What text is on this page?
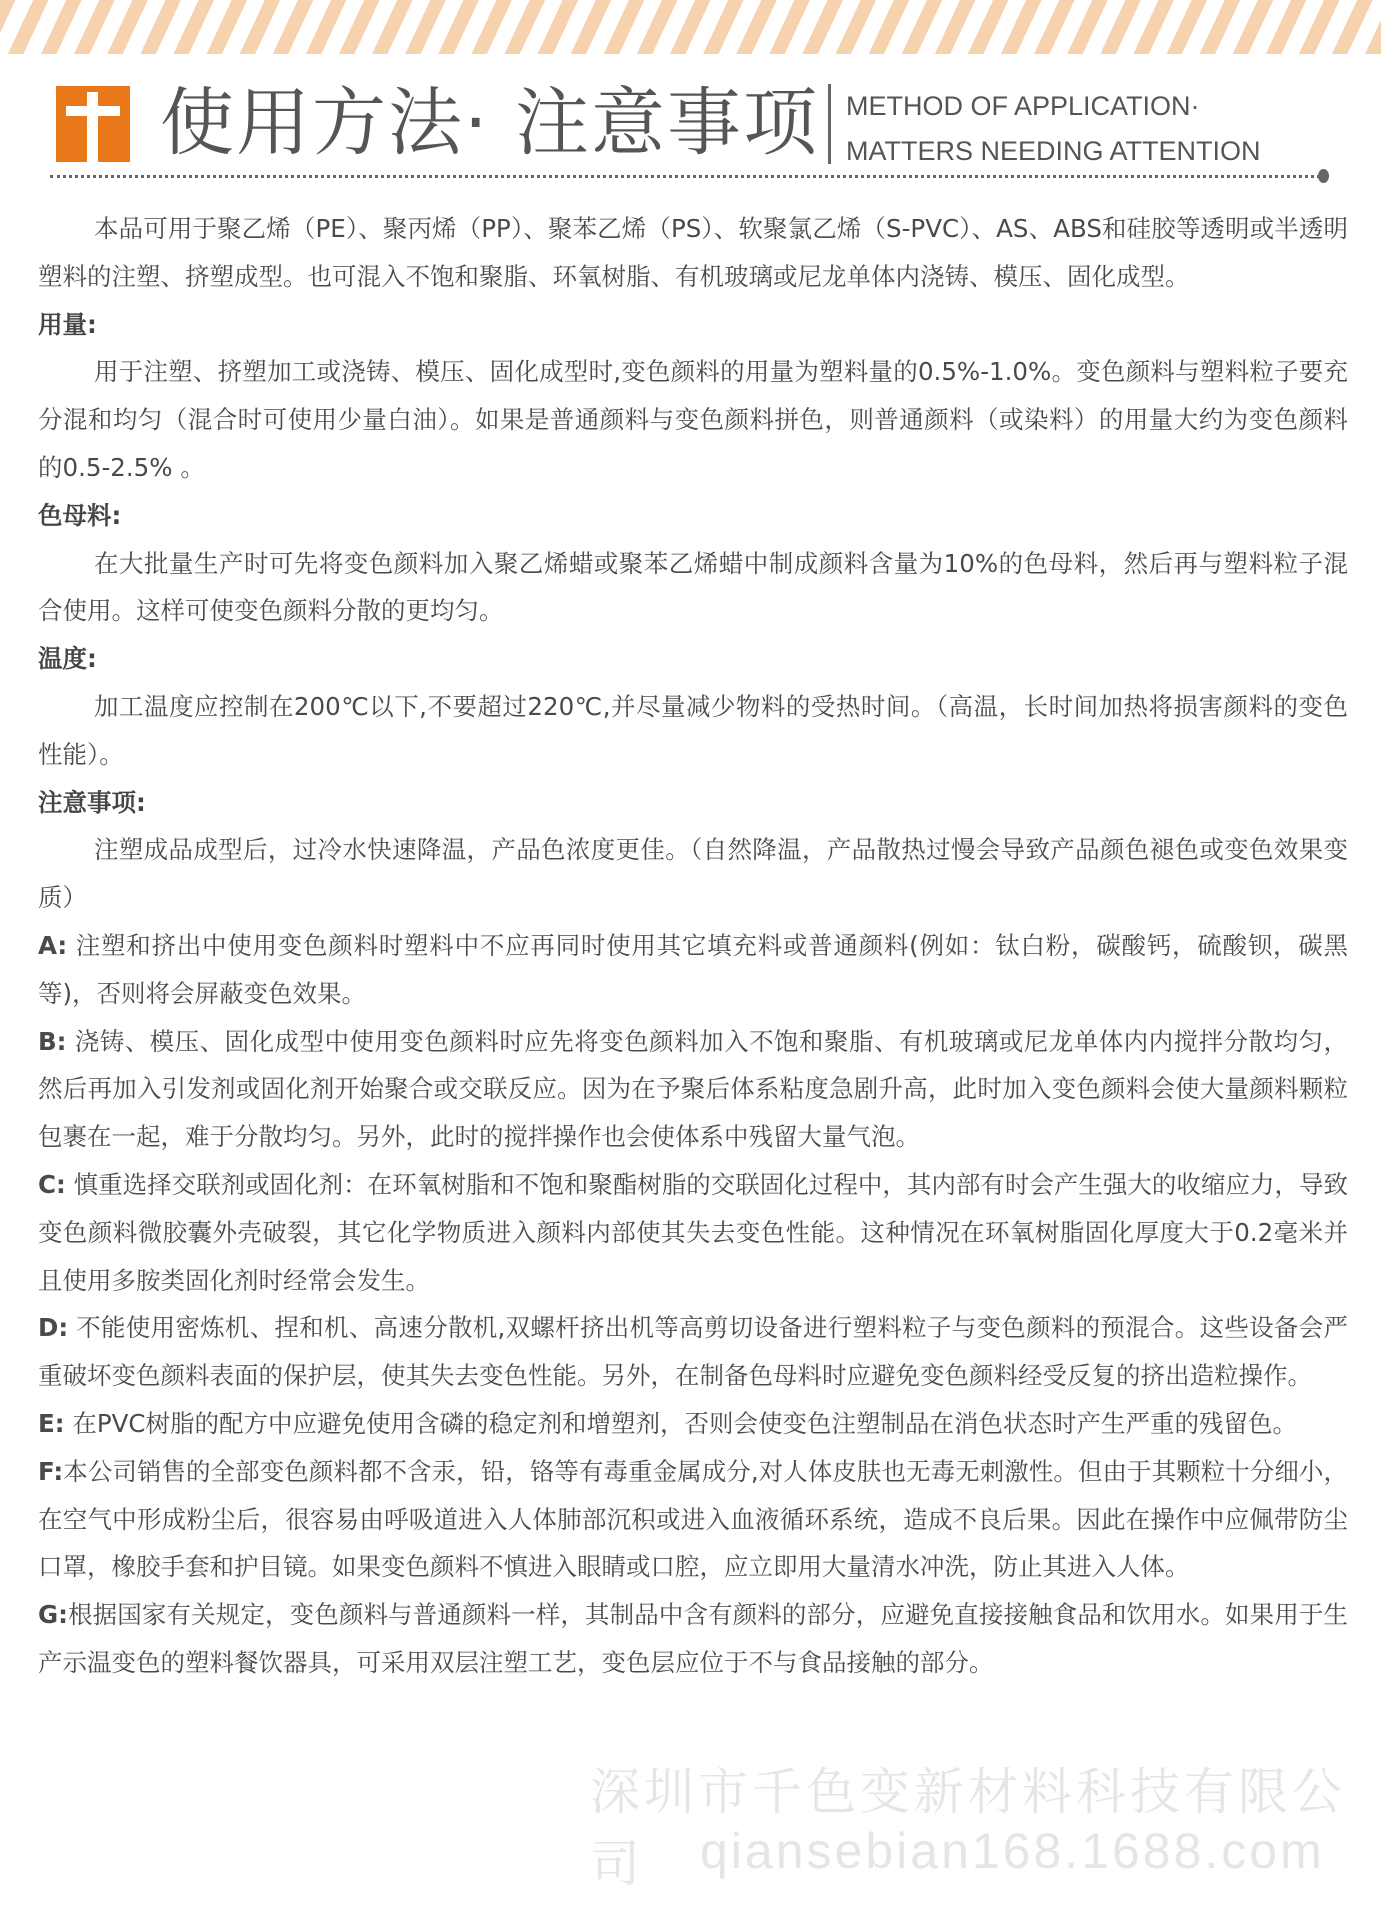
使用方法· 注意事项 METHOD OF APPLICATION·
MATTERS NEEDING ATTENTION

本品可用于聚乙烯（PE）、聚丙烯（PP）、聚苯乙烯（PS）、软聚氯乙烯（S-PVC）、AS、ABS和硅胶等透明或半透明塑料的注塑、挤塑成型。也可混入不饱和聚脂、环氧树脂、有机玻璃或尼龙单体内浇铸、模压、固化成型。

用量:

用于注塑、挤塑加工或浇铸、模压、固化成型时,变色颜料的用量为塑料量的0.5%-1.0%。变色颜料与塑料粒子要充分混和均匀（混合时可使用少量白油）。如果是普通颜料与变色颜料拼色，则普通颜料（或染料）的用量大约为变色颜料的0.5-2.5% 。

色母料:

在大批量生产时可先将变色颜料加入聚乙烯蜡或聚苯乙烯蜡中制成颜料含量为10%的色母料，然后再与塑料粒子混合使用。这样可使变色颜料分散的更均匀。

温度:

加工温度应控制在200℃以下,不要超过220℃,并尽量减少物料的受热时间。（高温，长时间加热将损害颜料的变色性能）。

注意事项:

注塑成品成型后，过冷水快速降温，产品色浓度更佳。（自然降温，产品散热过慢会导致产品颜色褪色或变色效果变质）

A: 注塑和挤出中使用变色颜料时塑料中不应再同时使用其它填充料或普通颜料(例如：钛白粉，碳酸钙，硫酸钡，碳黑等)，否则将会屏蔽变色效果。

B: 浇铸、模压、固化成型中使用变色颜料时应先将变色颜料加入不饱和聚脂、有机玻璃或尼龙单体内内搅拌分散均匀，然后再加入引发剂或固化剂开始聚合或交联反应。因为在予聚后体系粘度急剧升高，此时加入变色颜料会使大量颜料颗粒包裹在一起，难于分散均匀。另外，此时的搅拌操作也会使体系中残留大量气泡。

C: 慎重选择交联剂或固化剂：在环氧树脂和不饱和聚酯树脂的交联固化过程中，其内部有时会产生强大的收缩应力，导致变色颜料微胶囊外壳破裂，其它化学物质进入颜料内部使其失去变色性能。这种情况在环氧树脂固化厚度大于0.2毫米并且使用多胺类固化剂时经常会发生。

D: 不能使用密炼机、捏和机、高速分散机,双螺杆挤出机等高剪切设备进行塑料粒子与变色颜料的预混合。这些设备会严重破坏变色颜料表面的保护层，使其失去变色性能。另外，在制备色母料时应避免变色颜料经受反复的挤出造粒操作。

E: 在PVC树脂的配方中应避免使用含磷的稳定剂和增塑剂，否则会使变色注塑制品在消色状态时产生严重的残留色。

F:本公司销售的全部变色颜料都不含汞，铅，铬等有毒重金属成分,对人体皮肤也无毒无刺激性。但由于其颗粒十分细小，在空气中形成粉尘后，很容易由呼吸道进入人体肺部沉积或进入血液循环系统，造成不良后果。因此在操作中应佩带防尘口罩，橡胶手套和护目镜。如果变色颜料不慎进入眼睛或口腔，应立即用大量清水冲洗，防止其进入人体。

G:根据国家有关规定，变色颜料与普通颜料一样，其制品中含有颜料的部分，应避免直接接触食品和饮用水。如果用于生产示温变色的塑料餐饮器具，可采用双层注塑工艺，变色层应位于不与食品接触的部分。

深圳市千色变新材料科技有限公司	qiansebian168.1688.com
